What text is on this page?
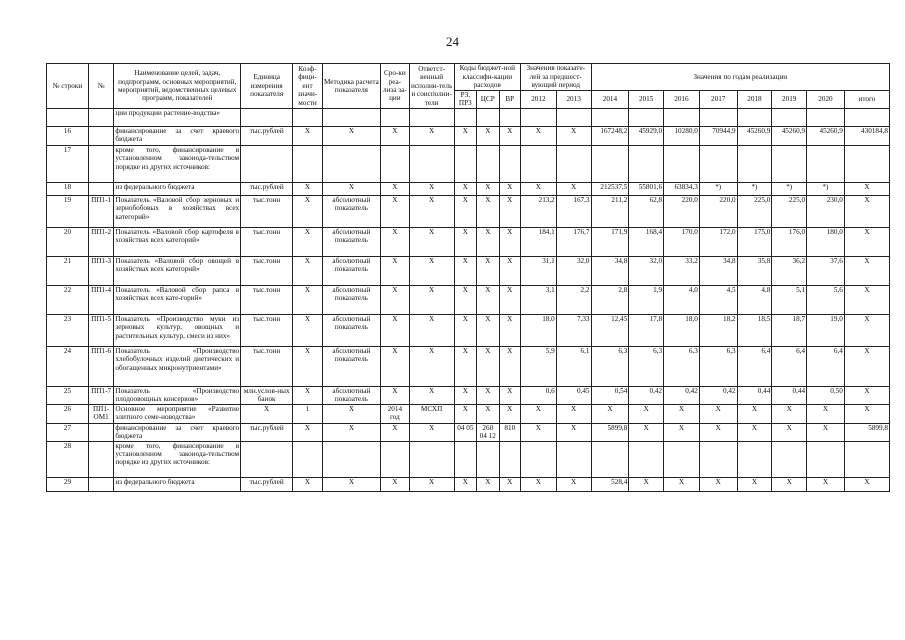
24
№ строки	№	Наименование целей, задач, подпрограмм, основных мероприятий, мероприятий, ведомственных целевых программ, показателей	Единица измерения показателя	Коэф-фици-ент значи-мости	Методика расчета показателя	Сро-ки реа-лиза за-ции	Ответст-венный исполни-тель и соисполни-тели	Коды бюджет-ной классифи-кации расходов			Значения показате-лей за предшест-вующий период		Значения по годам реализации							
								РЗ, ПРЗ	ЦСР	ВР	2012	2013	2014	2015	2016	2017	2018	2019	2020	итого
		ции продукции растение-водства»																		
16		финансирование за счет краевого бюджета	тыс.рублей	X	X	X	X	X	X	X	X	X	167248,2	45929,0	10280,0	70944,9	45260,9	45260,9	45260,9	430184,8
17		кроме того, финансирование в установленном законода-тельством порядке из других источников:																		
18		из федерального бюджета	тыс.рублей	X	X	X	X	X	X	X	X	X	212537,5	55801,6	63834,3	*)	*)	*)	*)	X
19	ПП1-1	Показатель «Валовой сбор зерновых и зернобобовых в хозяйствах всех категорий»	тыс.тонн	X	абсолютный показатель	X	X	X	X	X	213,2	167,3	211,2	62,8	220,0	220,0	225,0	225,0	230,0	X
20	ПП1-2	Показатель «Валовой сбор картофеля в хозяйствах всех категорий»	тыс.тонн	X	абсолютный показатель	X	X	X	X	X	184,1	176,7	171,9	168,4	170,0	172,0	175,0	176,0	180,0	X
21	ПП1-3	Показатель «Валовой сбор овощей в хозяйствах всех категорий»	тыс.тонн	X	абсолютный показатель	X	X	X	X	X	31,1	32,0	34,8	32,0	33,2	34,8	35,8	36,2	37,6	X
22	ПП1-4	Показатель «Валовой сбор рапса в хозяйствах всех кате-горий»	тыс.тонн	X	абсолютный показатель	X	X	X	X	X	3,1	2,2	2,8	1,9	4,0	4,5	4,8	5,1	5,6	X
23	ПП1-5	Показатель «Производство муки из зерновых культур, овощных и растительных культур, смеси из них»	тыс.тонн	X	абсолютный показатель	X	X	X	X	X	18,0	7,33	12,45	17,8	18,0	18,2	18,5	18,7	19,0	X
24	ПП1-6	Показатель «Производство хлебобулочных изделий диетических и обогащенных микронутриентами»	тыс.тонн	X	абсолютный показатель	X	X	X	X	X	5,9	6,1	6,3	6,3	6,3	6,3	6,4	6,4	6,4	X
25	ПП1-7	Показатель «Производство плодоовощных консервов»	млн.услов-ных банок	X	абсолютный показатель	X	X	X	X	X	0,6	0,45	0,54	0,42	0,42	0,42	0,44	0,44	0,50	X
26	ПП1-ОМ1	Основное мероприятие «Развитие элитного семе-новодства»	X	1	X	2014 год	МСХП	X	X	X	X	X	X	X	X	X	X	X	X	X
27		финансирование за счет краевого бюджета	тыс.рублей	X	X	X	X	04 05	260 04 12	810	X	X	5899,8	X	X	X	X	X	X	5899,8
28		кроме того, финансирование в установленном законода-тельством порядке из других источников:																		
29		из федерального бюджета	тыс.рублей	X	X	X	X	X	X	X	X	X	528,4	X	X	X	X	X	X	X
